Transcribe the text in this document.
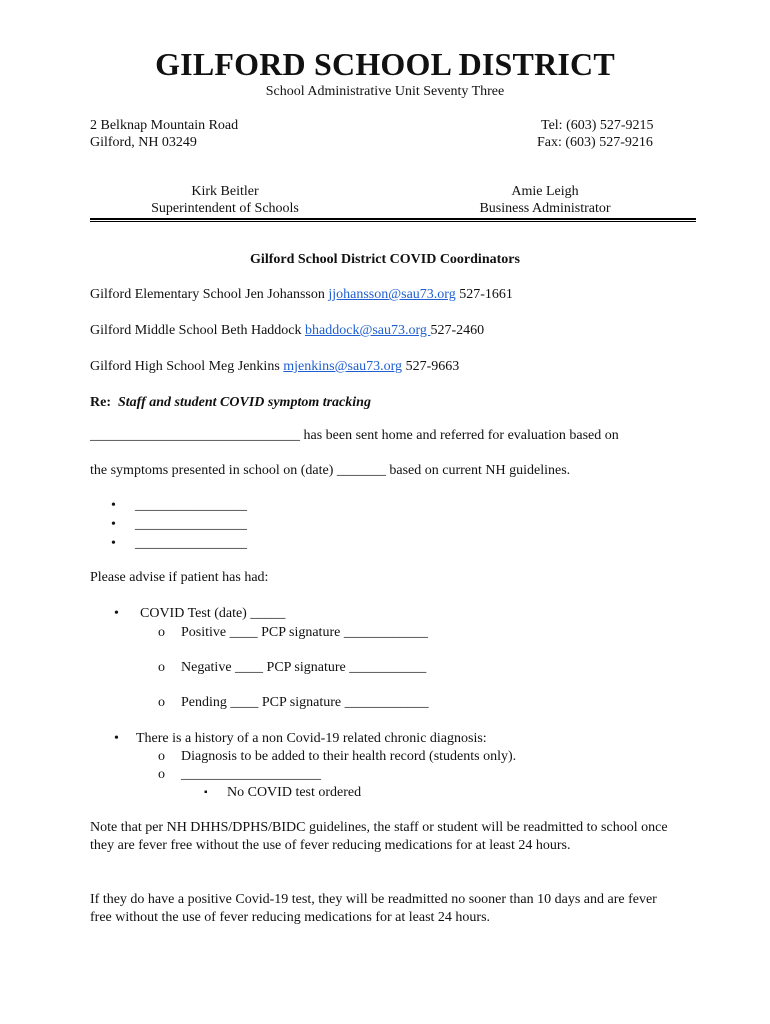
GILFORD SCHOOL DISTRICT
School Administrative Unit Seventy Three
2 Belknap Mountain Road
Gilford, NH 03249
Tel: (603) 527-9215
Fax: (603) 527-9216
Kirk Beitler
Superintendent of Schools
Amie Leigh
Business Administrator
Gilford School District COVID Coordinators
Gilford Elementary School Jen Johansson jjohansson@sau73.org 527-1661
Gilford Middle School Beth Haddock bhaddock@sau73.org 527-2460
Gilford High School Meg Jenkins mjenkins@sau73.org 527-9663
Re: Staff and student COVID symptom tracking
______________________________ has been sent home and referred for evaluation based on
the symptoms presented in school on (date) _______ based on current NH guidelines.
• ________________
• ________________
• ________________
Please advise if patient has had:
• COVID Test (date) _____
o Positive ____ PCP signature ____________
o Negative ____ PCP signature ___________
o Pending ____ PCP signature ____________
• There is a history of a non Covid-19 related chronic diagnosis:
o Diagnosis to be added to their health record (students only).
o ____________________
▪ No COVID test ordered
Note that per NH DHHS/DPHS/BIDC guidelines, the staff or student will be readmitted to school once they are fever free without the use of fever reducing medications for at least 24 hours.
If they do have a positive Covid-19 test, they will be readmitted no sooner than 10 days and are fever free without the use of fever reducing medications for at least 24 hours.
